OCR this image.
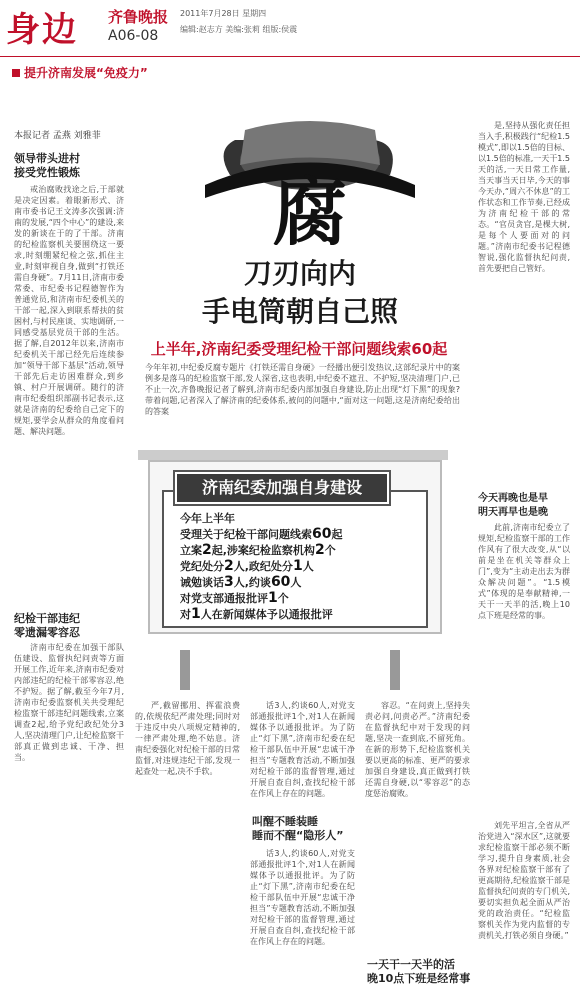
身边 齐鲁晚报 2011年7月28日 星期四
A06-08	编辑:赵志方 美编:张莉 组版:侯震
提升济南发展“免疫力”
本报记者 孟燕 刘雅菲
腐
刀刃向内
手电筒朝自己照
上半年,济南纪委受理纪检干部问题线索60起
今年年初,中纪委反腐专题片《打铁还需自身硬》一经播出便引发热议,这部纪录片中的案例多是落马的纪检监察干部,发人深省,这也表明,中纪委不遮丑、不护短,坚决清理门户,已不止一次,齐鲁晚报记者了解到,济南市纪委内部加强自身建设,防止出现“灯下黑”的现象?带着问题,记者深入了解济南的纪委体系,被问的问题中,“面对这一问题,这是济南纪委给出的答案
济南纪委加强自身建设
今年上半年
受理关于纪检干部问题线索60起
立案2起,涉案纪检监察机构2个
党纪处分2人,政纪处分1人
诫勉谈话3人,约谈60人
对党支部通报批评1个
对1人在新闻媒体予以通报批评
领导带头进村
接受党性锻炼

戒治腐败找途之后,于部就是决定因素。着眼新形式、济南市委书记王文涛多次强调:济南的发展,“四个中心”的建设,来发的新谈在于的了干部。济南的纪检监察机关要围绕这一要求,时刻绷紧纪检之弦,抓住主业,时刻审视自身,做到“打铁还需自身硬”。7月11日,济南市委常委、市纪委书记程德智作为普通党员,和济南市纪委机关的干部一起,深入到联系帮扶的贫困村,与村民座谈、实地调研,一同感受基层党员干部的生活。据了解,自2012年以来,济南市纪委机关干部已经先后连续参加“领导干部下基层”活动,领导干部先后走访困难群众,到乡镇、村户开展调研。随行的济南市纪委组织部副书记表示,这就是济南的纪委给自己定下的规矩,要学会从群众的角度看问题、解决问题。

纪检干部违纪
零遗漏零容忍

济南市纪委在加强干部队伍建设、监督执纪问责等方面开展工作,近年来,济南市纪委对内部违纪的纪检干部零容忍,绝不护短。据了解,截至今年7月,济南市纪委监察机关共受理纪检监察干部违纪问题线索,立案调查2起,给予党纪政纪处分3人,坚决清理门户,让纪检监察干部真正做到忠诚、干净、担当。

严,截留挪用、挥霍浪费的,依规依纪严肃处理;同时对于违反中央八项规定精神的,一律严肃处理,绝不姑息。济南纪委强化对纪检干部的日常监督,对违规违纪干部,发现一起查处一起,决不手软。

话3人,约谈60人,对党支部通报批评1个,对1人在新闻媒体予以通报批评。为了防止“灯下黑”,济南市纪委在纪检干部队伍中开展“忠诚干净担当”专题教育活动,不断加强对纪检干部的监督管理,通过开展自查自纠,查找纪检干部在作风上存在的问题。

叫醒不睡装睡
睡而不醒“隐形人”

话3人,约谈60人,对党支部通报批评1个,对1人在新闻媒体予以通报批评。为了防止“灯下黑”,济南市纪委在纪检干部队伍中开展“忠诚干净担当”专题教育活动,不断加强对纪检干部的监督管理,通过开展自查自纠,查找纪检干部在作风上存在的问题。

容忍。“在问责上,坚持失责必问,问责必严。”济南纪委在监督执纪中对于发现的问题,坚决一查到底,不留死角。在新的形势下,纪检监察机关要以更高的标准、更严的要求加强自身建设,真正做到打铁还需自身硬,以“零容忍”的态度惩治腐败。

一天干一天半的活
晚10点下班是经常事

是,坚持从强化责任担当入手,积极践行“纪检1.5模式”,即以1.5倍的目标、以1.5倍的标准,一天干1.5天的活,一天日常工作量,当天事当天日毕,今天的事今天办,“周六不休息”的工作状态和工作节奏,已经成为济南纪检干部的常态。“官员贪官,是棵大树,是每个人要面对的问题。”济南市纪委书记程德智说,强化监督执纪问责,首先要把自己管好。

今天再晚也是早
明天再早也是晚

此前,济南市纪委立了规矩,纪检监察干部的工作作风有了很大改变,从“以前是坐在机关等群众上门”,变为“主动走出去为群众解决问题”。“1.5模式”体现的是奉献精神,一天干一天半的活,晚上10点下班是经常的事。

刘先平坦言,全省从严治党进入“深水区”,这就要求纪检监察干部必须不断学习,提升自身素质,社会各界对纪检监察干部有了更高期待,纪检监察干部是监督执纪问责的专门机关,要切实担负起全面从严治党的政治责任。“纪检监察机关作为党内监督的专责机关,打铁必须自身硬。”
